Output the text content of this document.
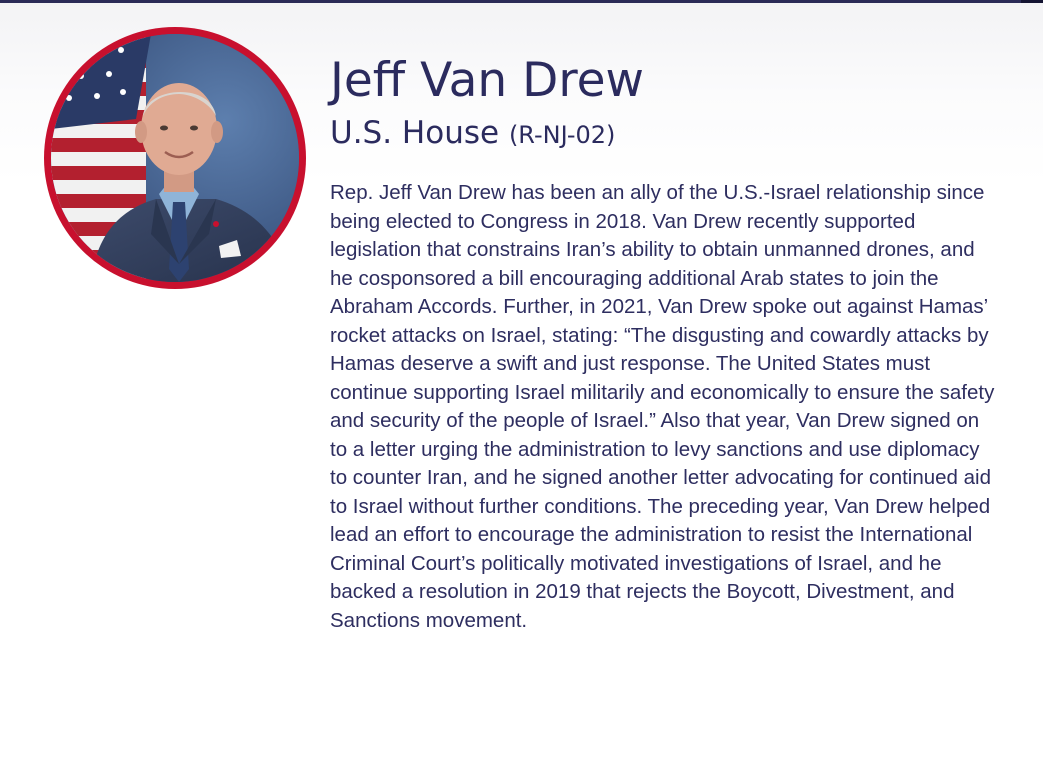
Jeff Van Drew
U.S. House (R-NJ-02)

Rep. Jeff Van Drew has been an ally of the U.S.-Israel relationship since being elected to Congress in 2018. Van Drew recently supported legislation that constrains Iran’s ability to obtain unmanned drones, and he cosponsored a bill encouraging additional Arab states to join the Abraham Accords. Further, in 2021, Van Drew spoke out against Hamas’ rocket attacks on Israel, stating: “The disgusting and cowardly attacks by Hamas deserve a swift and just response. The United States must continue supporting Israel militarily and economically to ensure the safety and security of the people of Israel.” Also that year, Van Drew signed on to a letter urging the administration to levy sanctions and use diplomacy to counter Iran, and he signed another letter advocating for continued aid to Israel without further conditions. The preceding year, Van Drew helped lead an effort to encourage the administration to resist the International Criminal Court’s politically motivated investigations of Israel, and he backed a resolution in 2019 that rejects the Boycott, Divestment, and Sanctions movement.
